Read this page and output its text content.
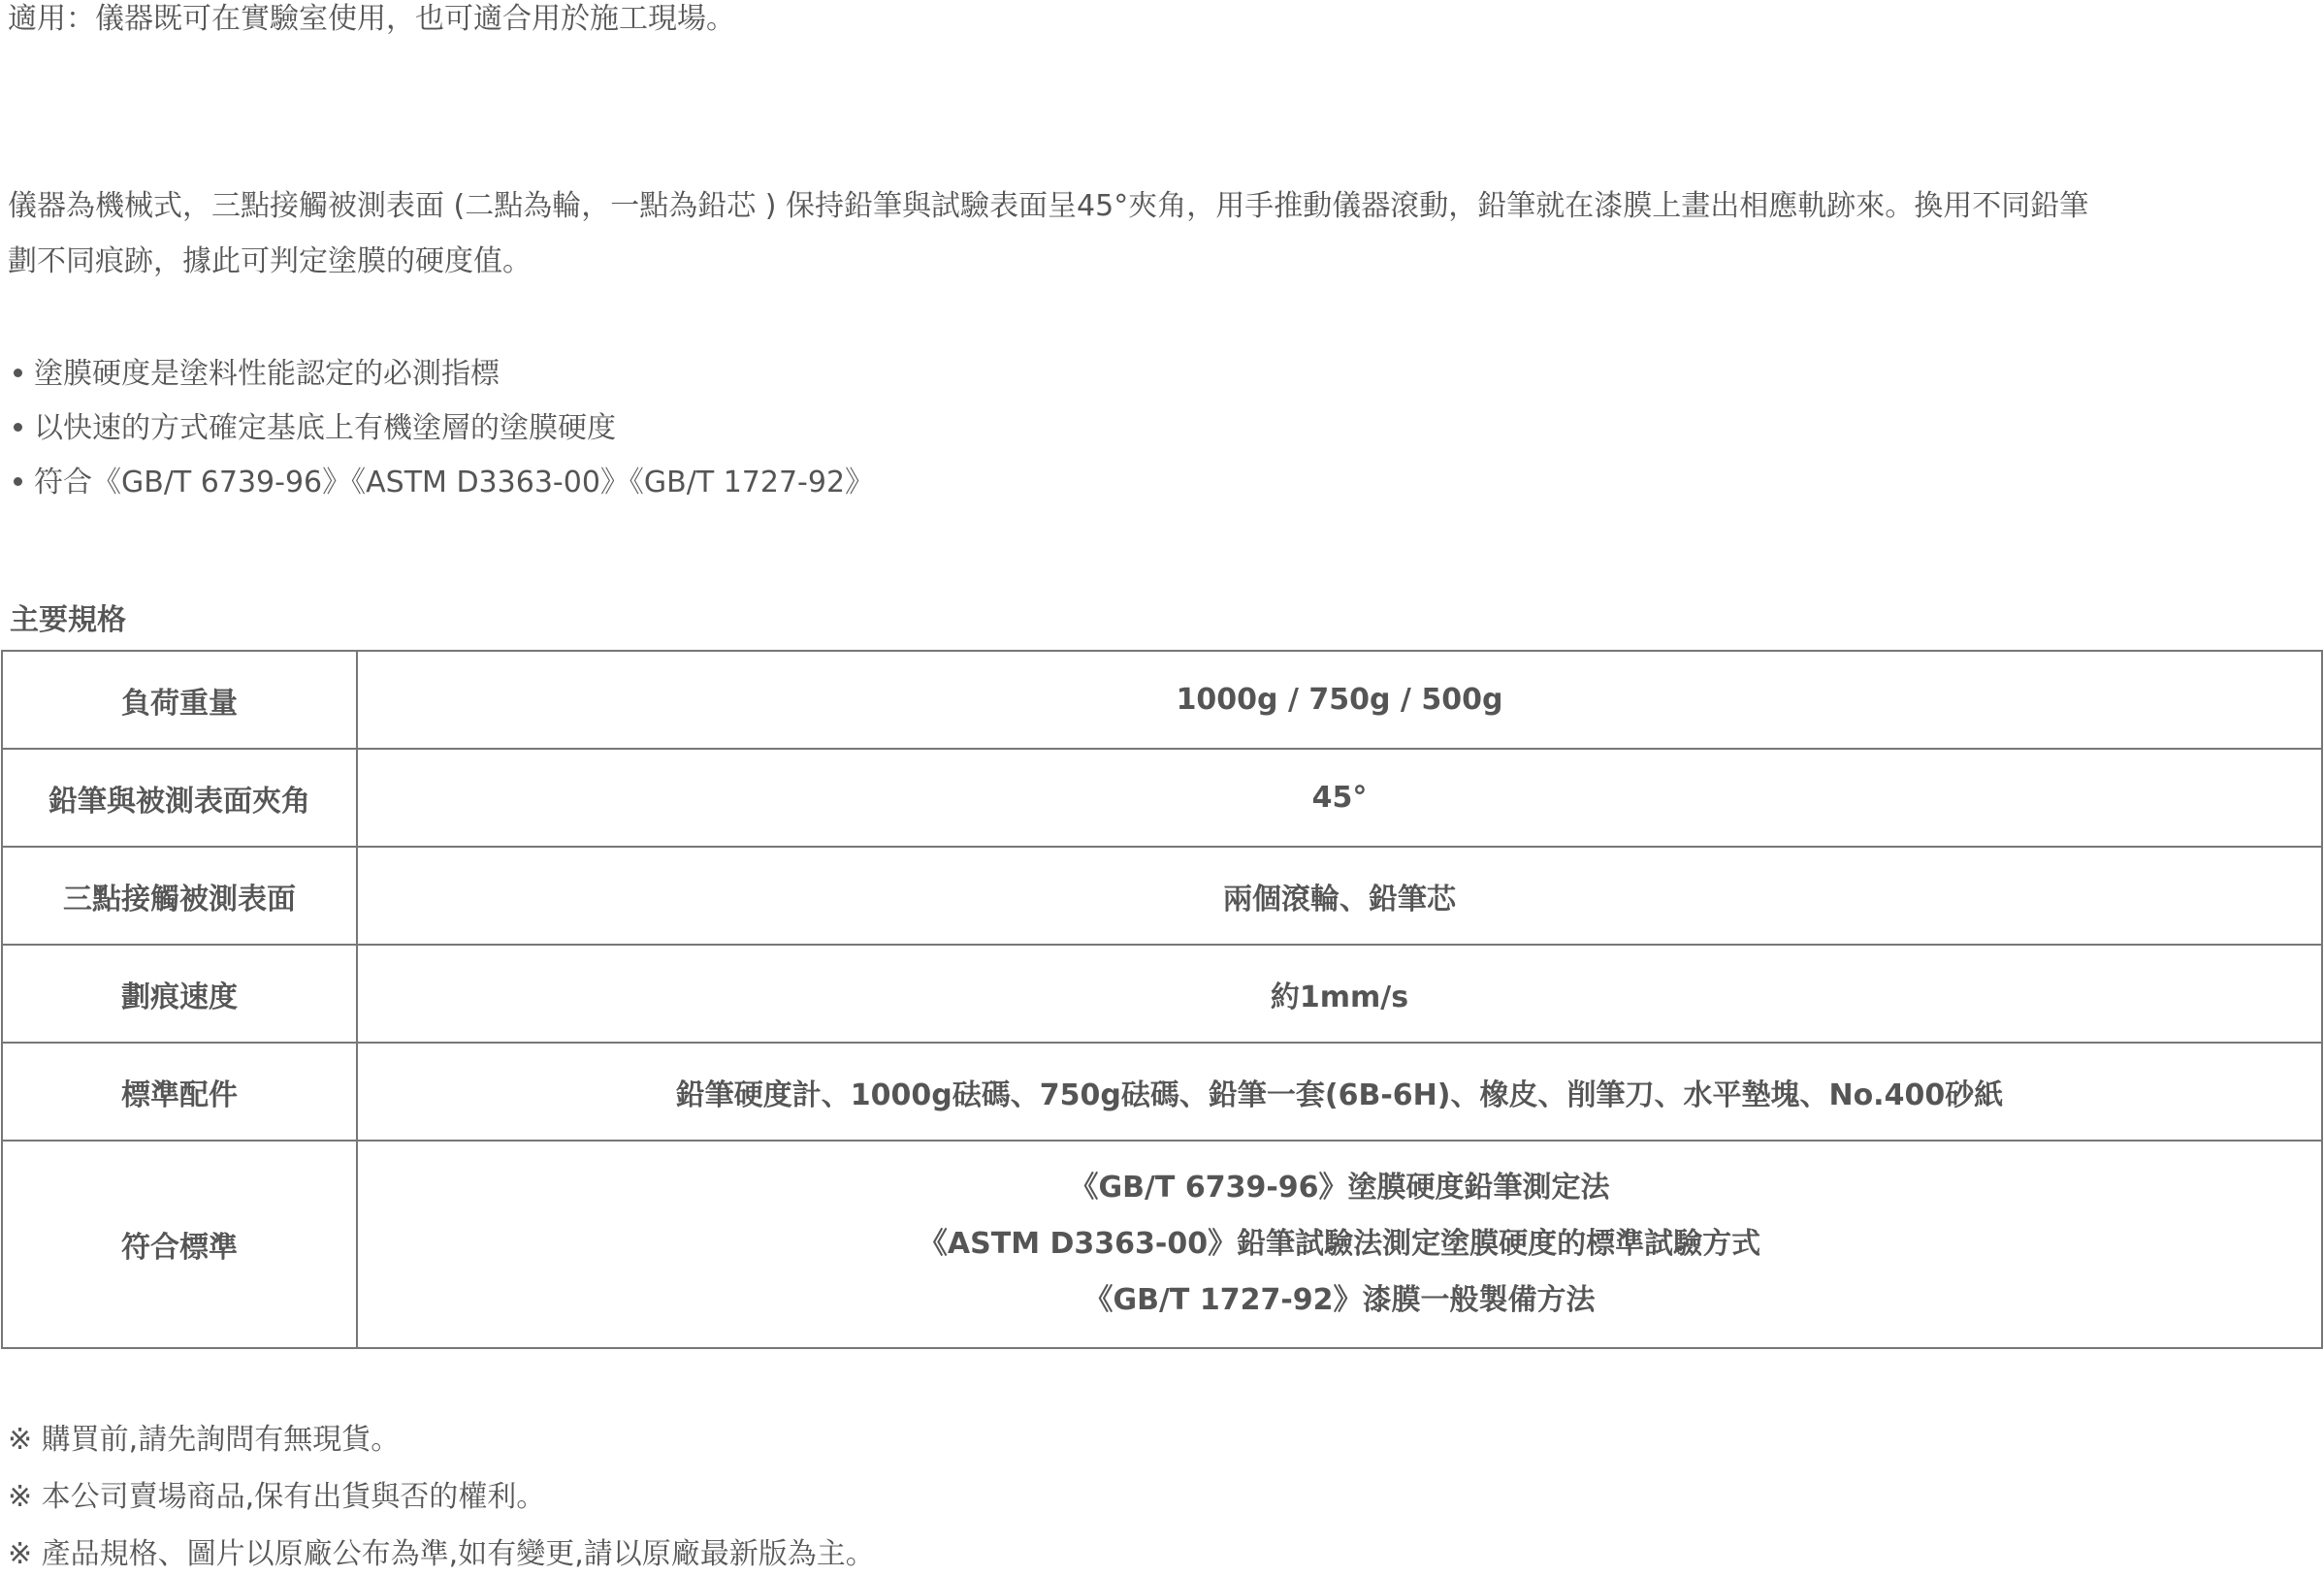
適用：儀器既可在實驗室使用，也可適合用於施工現場。
儀器為機械式，三點接觸被測表面 (二點為輪，一點為鉛芯 ) 保持鉛筆與試驗表面呈45°夾角，用手推動儀器滾動，鉛筆就在漆膜上畫出相應軌跡來。換用不同鉛筆
劃不同痕跡，據此可判定塗膜的硬度值。
塗膜硬度是塗料性能認定的必測指標
以快速的方式確定基底上有機塗層的塗膜硬度
符合《GB/T 6739-96》《ASTM D3363-00》《GB/T 1727-92》
主要規格
負荷重量	1000g / 750g / 500g
鉛筆與被測表面夾角	45°
三點接觸被測表面	兩個滾輪、鉛筆芯
劃痕速度	約1mm/s
標準配件	鉛筆硬度計、1000g砝碼、750g砝碼、鉛筆一套(6B-6H)、橡皮、削筆刀、水平墊塊、No.400砂紙
符合標準	《GB/T 6739-96》塗膜硬度鉛筆測定法
《ASTM D3363-00》鉛筆試驗法測定塗膜硬度的標準試驗方式
《GB/T 1727-92》漆膜一般製備方法
※ 購買前,請先詢問有無現貨。
※ 本公司賣場商品,保有出貨與否的權利。
※ 產品規格、圖片以原廠公布為準,如有變更,請以原廠最新版為主。
